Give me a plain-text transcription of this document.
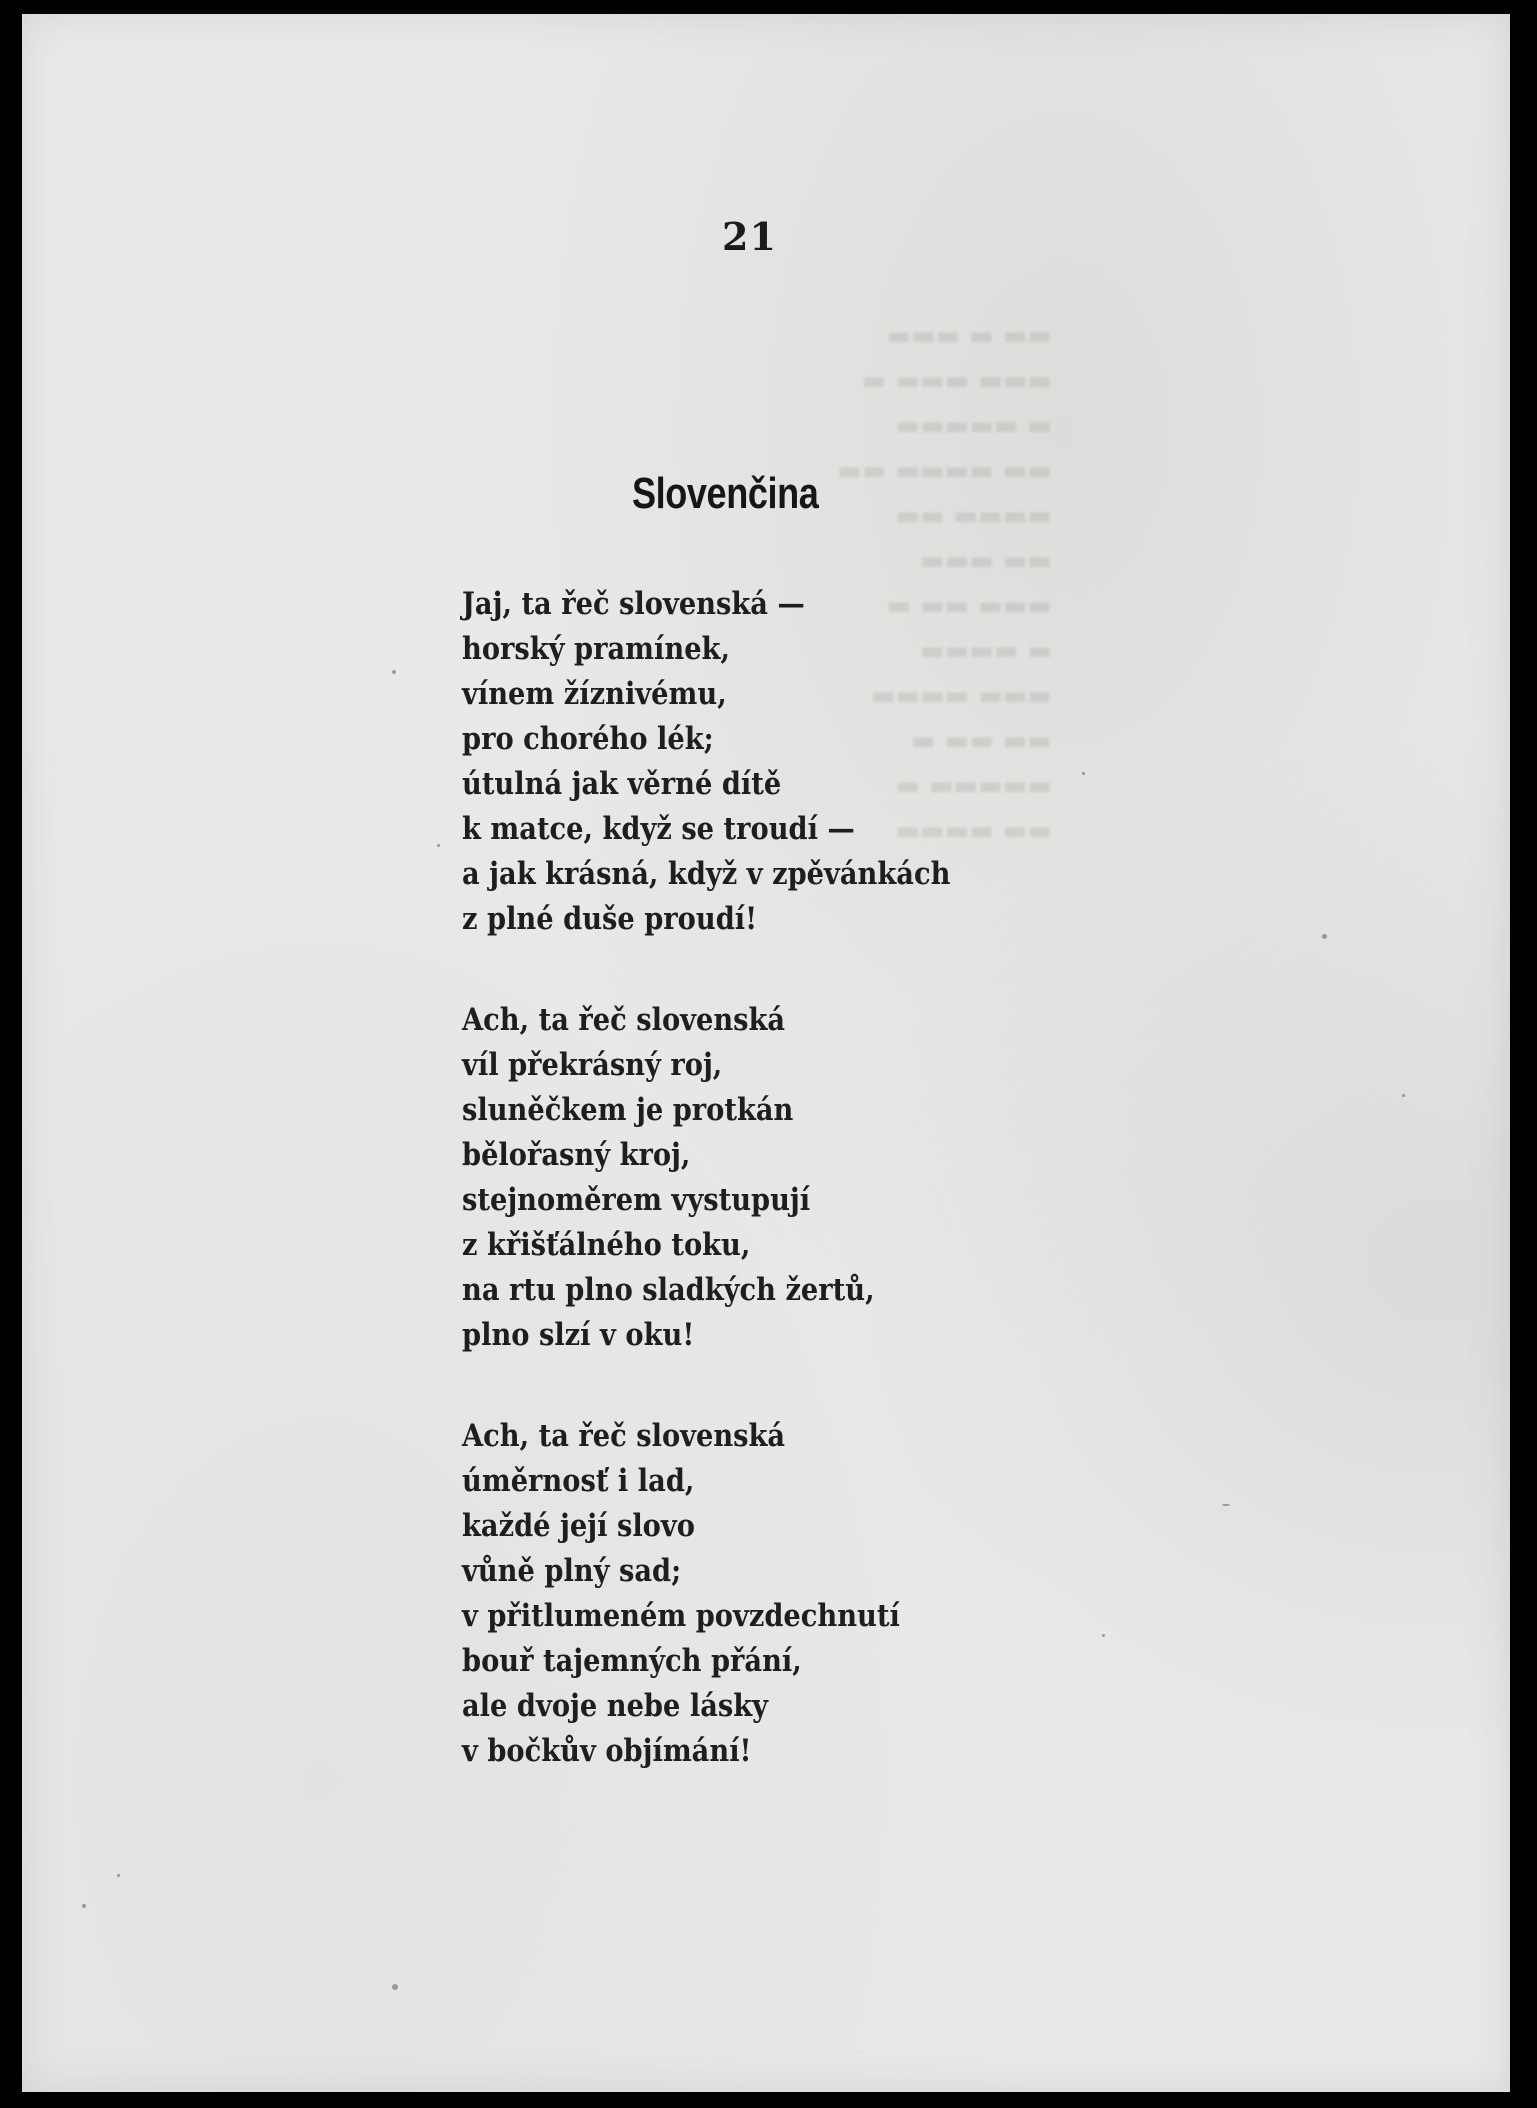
▬▬ ▬ ▬▬▬
▬▬▬ ▬▬▬ ▬
▬ ▬▬▬▬▬
▬▬ ▬▬▬▬ ▬▬
▬▬▬▬ ▬▬
▬▬ ▬▬▬
▬▬▬ ▬▬ ▬
▬ ▬▬▬▬
▬▬▬ ▬▬▬▬
▬▬ ▬▬ ▬
▬▬▬▬▬ ▬
▬▬ ▬▬▬▬
21
Slovenčina
Jaj, ta řeč slovenská —
horský pramínek,
vínem žíznivému,
pro chorého lék;
útulná jak věrné dítě
k matce, když se troudí —
a jak krásná, když v zpěvánkách
z plné duše proudí!
Ach, ta řeč slovenská
víl překrásný roj,
sluněčkem je protkán
bělořasný kroj,
stejnoměrem vystupují
z křišťálného toku,
na rtu plno sladkých žertů,
plno slzí v oku!
Ach, ta řeč slovenská
úměrnosť i lad,
každé její slovo
vůně plný sad;
v přitlumeném povzdechnutí
bouř tajemných přání,
ale dvoje nebe lásky
v bočkův objímání!
